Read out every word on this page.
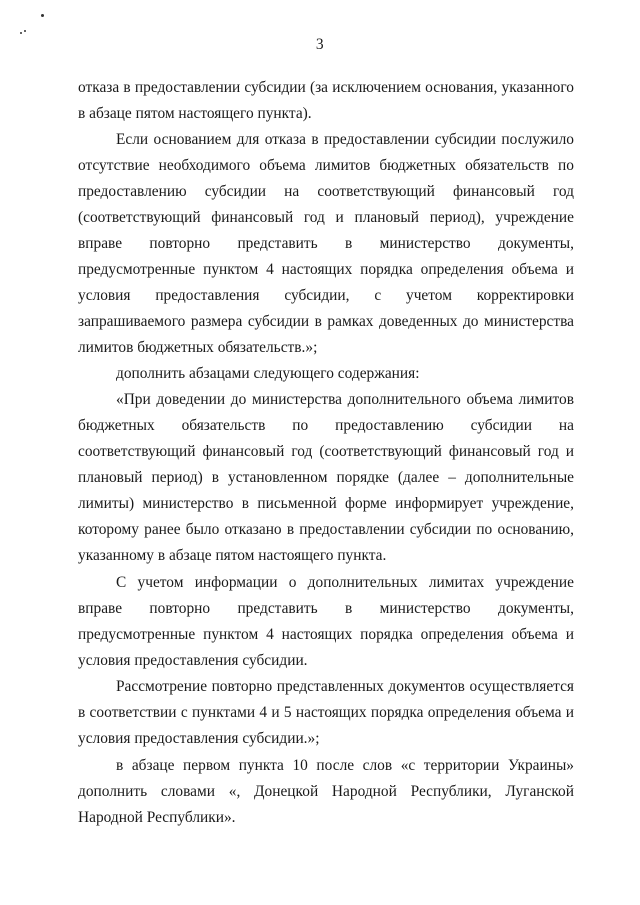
3
отказа в предоставлении субсидии (за исключением основания, указанного
в абзаце пятом настоящего пункта).
Если основанием для отказа в предоставлении субсидии послужило
отсутствие необходимого объема лимитов бюджетных обязательств по
предоставлению субсидии на соответствующий финансовый год
(соответствующий финансовый год и плановый период), учреждение
вправе повторно представить в министерство документы,
предусмотренные пунктом 4 настоящих порядка определения объема и
условия предоставления субсидии, с учетом корректировки
запрашиваемого размера субсидии в рамках доведенных до министерства
лимитов бюджетных обязательств.»;
дополнить абзацами следующего содержания:
«При доведении до министерства дополнительного объема лимитов
бюджетных обязательств по предоставлению субсидии на
соответствующий финансовый год (соответствующий финансовый год и
плановый период) в установленном порядке (далее – дополнительные
лимиты) министерство в письменной форме информирует учреждение,
которому ранее было отказано в предоставлении субсидии по основанию,
указанному в абзаце пятом настоящего пункта.
С учетом информации о дополнительных лимитах учреждение
вправе повторно представить в министерство документы,
предусмотренные пунктом 4 настоящих порядка определения объема и
условия предоставления субсидии.
Рассмотрение повторно представленных документов осуществляется
в соответствии с пунктами 4 и 5 настоящих порядка определения объема и
условия предоставления субсидии.»;
в абзаце первом пункта 10 после слов «с территории Украины»
дополнить словами «, Донецкой Народной Республики, Луганской
Народной Республики».
